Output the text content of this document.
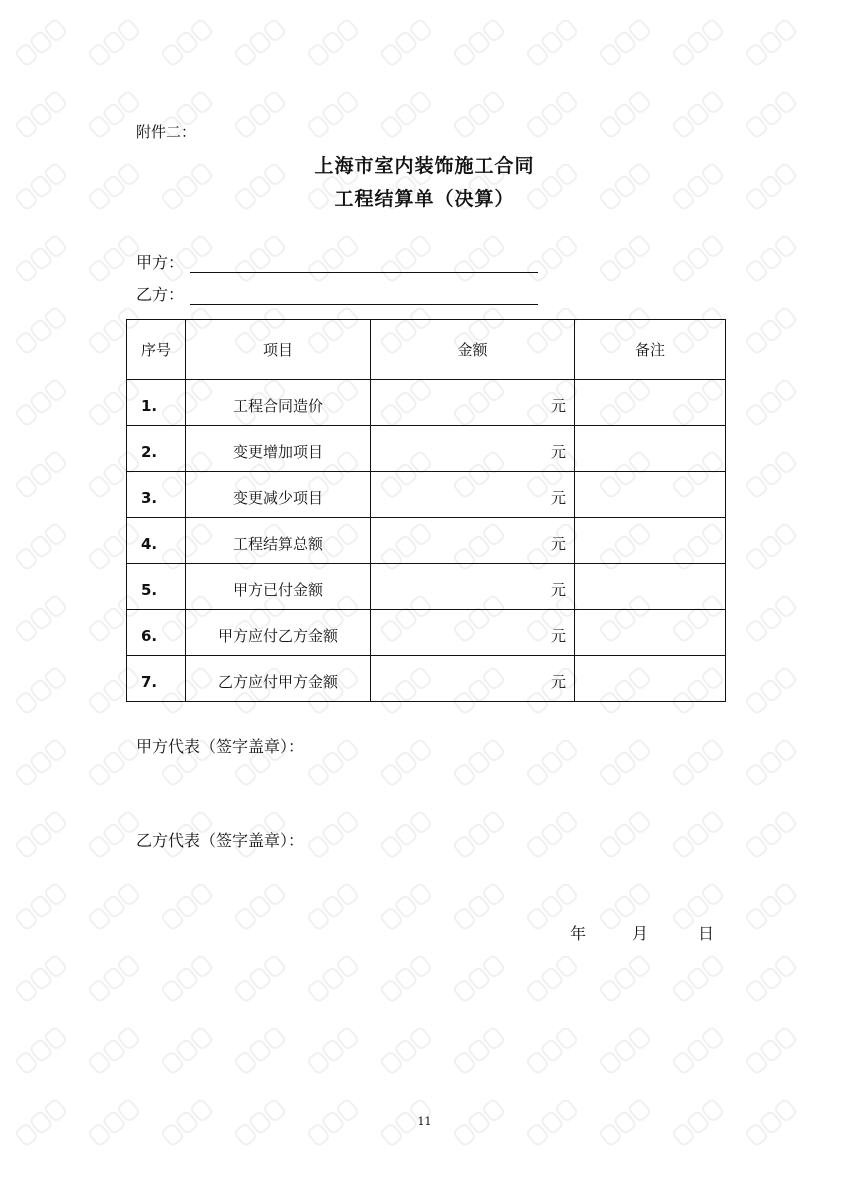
附件二：
上海市室内装饰施工合同
工程结算单（决算）
甲方：
乙方：
序号	项目	金额	备注
1.	工程合同造价	元	
2.	变更增加项目	元	
3.	变更减少项目	元	
4.	工程结算总额	元	
5.	甲方已付金额	元	
6.	甲方应付乙方金额	元	
7.	乙方应付甲方金额	元	
甲方代表（签字盖章）：
乙方代表（签字盖章）：
年	月	日
11
